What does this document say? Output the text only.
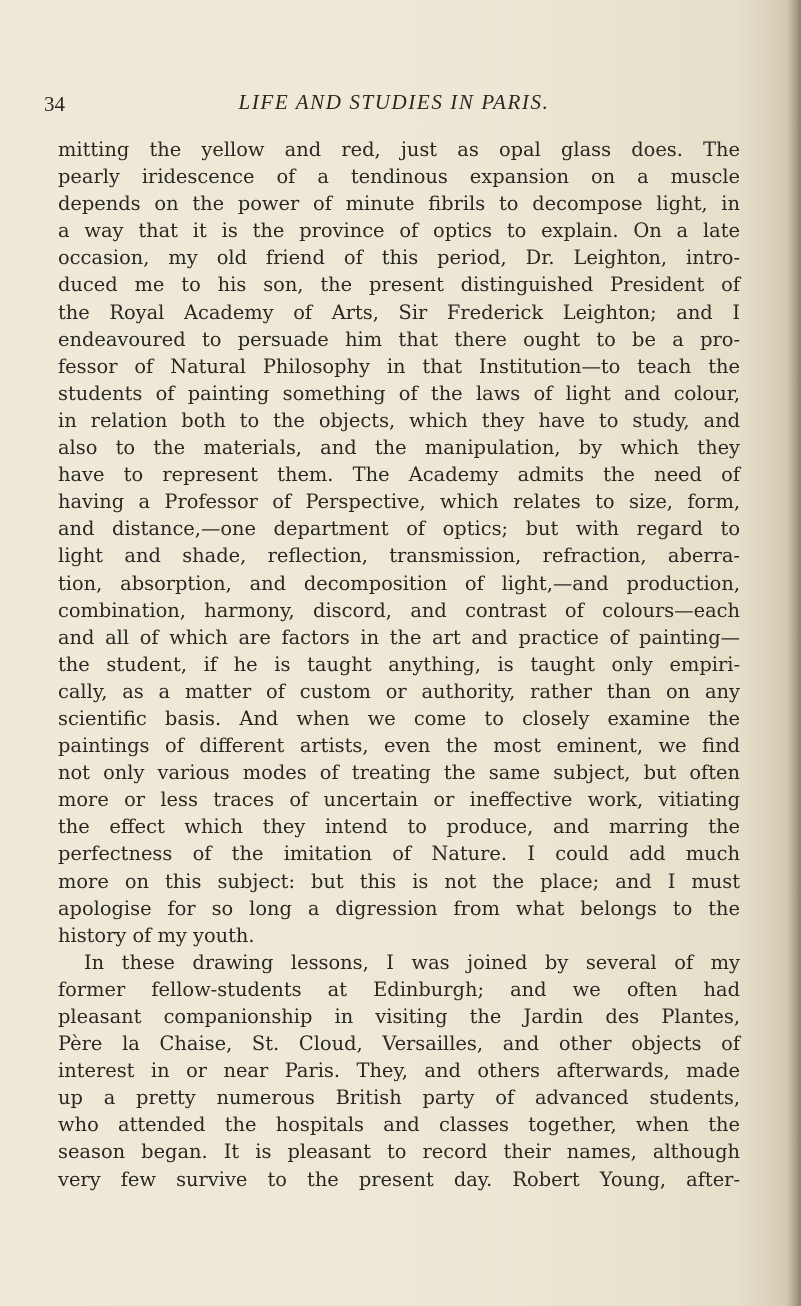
34	LIFE AND STUDIES IN PARIS.
mitting the yellow and red, just as opal glass does. The
pearly iridescence of a tendinous expansion on a muscle
depends on the power of minute fibrils to decompose light, in
a way that it is the province of optics to explain. On a late
occasion, my old friend of this period, Dr. Leighton, intro-
duced me to his son, the present distinguished President of
the Royal Academy of Arts, Sir Frederick Leighton; and I
endeavoured to persuade him that there ought to be a pro-
fessor of Natural Philosophy in that Institution—to teach the
students of painting something of the laws of light and colour,
in relation both to the objects, which they have to study, and
also to the materials, and the manipulation, by which they
have to represent them. The Academy admits the need of
having a Professor of Perspective, which relates to size, form,
and distance,—one department of optics; but with regard to
light and shade, reflection, transmission, refraction, aberra-
tion, absorption, and decomposition of light,—and production,
combination, harmony, discord, and contrast of colours—each
and all of which are factors in the art and practice of painting—
the student, if he is taught anything, is taught only empiri-
cally, as a matter of custom or authority, rather than on any
scientific basis. And when we come to closely examine the
paintings of different artists, even the most eminent, we find
not only various modes of treating the same subject, but often
more or less traces of uncertain or ineffective work, vitiating
the effect which they intend to produce, and marring the
perfectness of the imitation of Nature. I could add much
more on this subject: but this is not the place; and I must
apologise for so long a digression from what belongs to the
history of my youth.
In these drawing lessons, I was joined by several of my
former fellow-students at Edinburgh; and we often had
pleasant companionship in visiting the Jardin des Plantes,
Père la Chaise, St. Cloud, Versailles, and other objects of
interest in or near Paris. They, and others afterwards, made
up a pretty numerous British party of advanced students,
who attended the hospitals and classes together, when the
season began. It is pleasant to record their names, although
very few survive to the present day. Robert Young, after-
